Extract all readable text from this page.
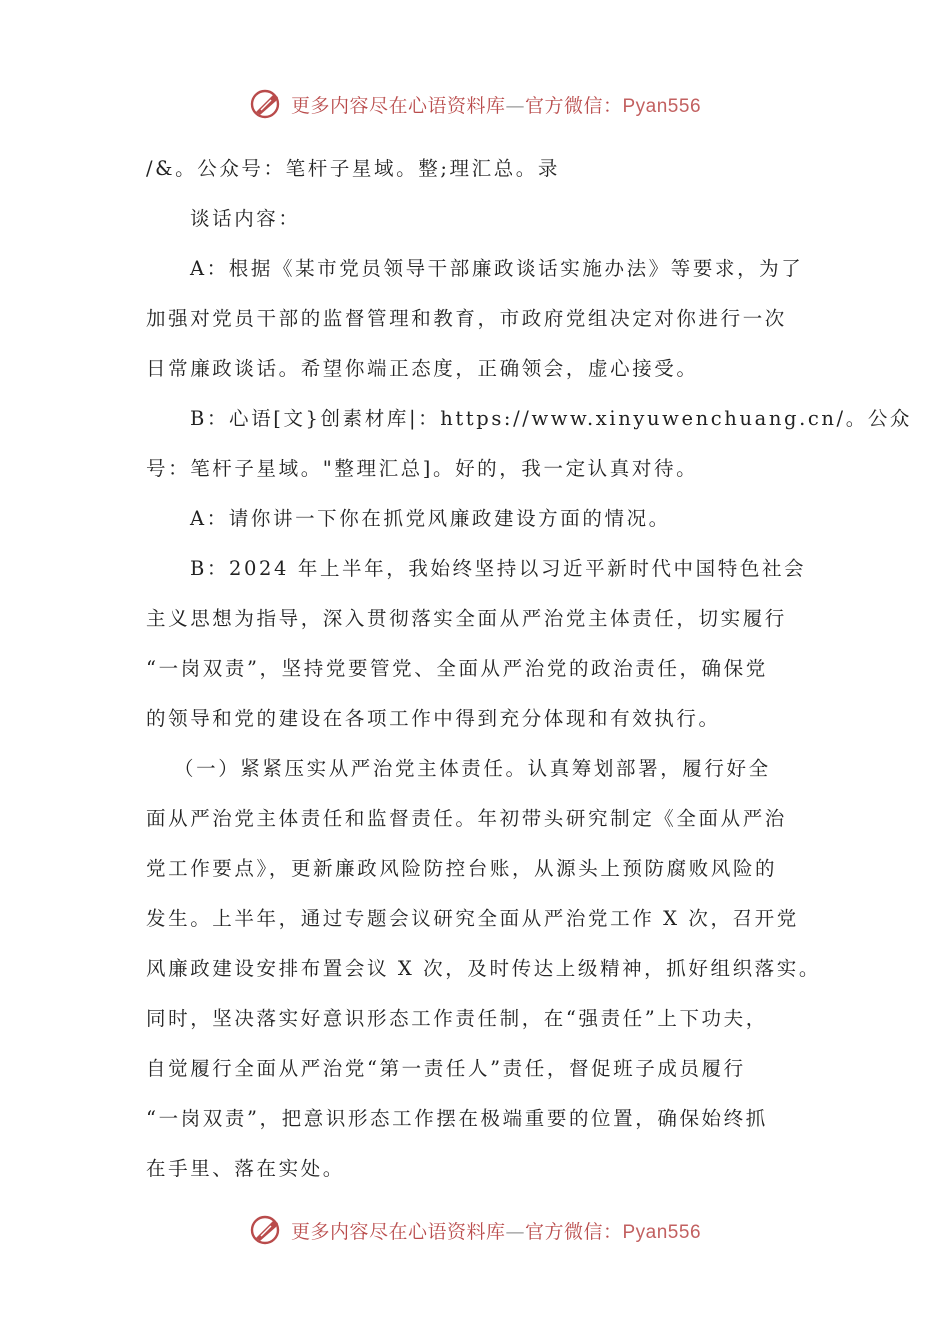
更多内容尽在心语资料库—官方微信：Pyan556
/&。公众号：笔杆子星域。整;理汇总。录
谈话内容：
A：根据《某市党员领导干部廉政谈话实施办法》等要求，为了
加强对党员干部的监督管理和教育，市政府党组决定对你进行一次
日常廉政谈话。希望你端正态度，正确领会，虚心接受。
B：心语[文}创素材库|：https://www.xinyuwenchuang.cn/。公众
号：笔杆子星域。"整理汇总]。好的，我一定认真对待。
A：请你讲一下你在抓党风廉政建设方面的情况。
B：2024 年上半年，我始终坚持以习近平新时代中国特色社会
主义思想为指导，深入贯彻落实全面从严治党主体责任，切实履行
“一岗双责”，坚持党要管党、全面从严治党的政治责任，确保党
的领导和党的建设在各项工作中得到充分体现和有效执行。
（一）紧紧压实从严治党主体责任。认真筹划部署，履行好全
面从严治党主体责任和监督责任。年初带头研究制定《全面从严治
党工作要点》，更新廉政风险防控台账，从源头上预防腐败风险的
发生。上半年，通过专题会议研究全面从严治党工作 X 次，召开党
风廉政建设安排布置会议 X 次，及时传达上级精神，抓好组织落实。
同时，坚决落实好意识形态工作责任制，在“强责任”上下功夫，
自觉履行全面从严治党“第一责任人”责任，督促班子成员履行
“一岗双责”，把意识形态工作摆在极端重要的位置，确保始终抓
在手里、落在实处。
更多内容尽在心语资料库—官方微信：Pyan556
